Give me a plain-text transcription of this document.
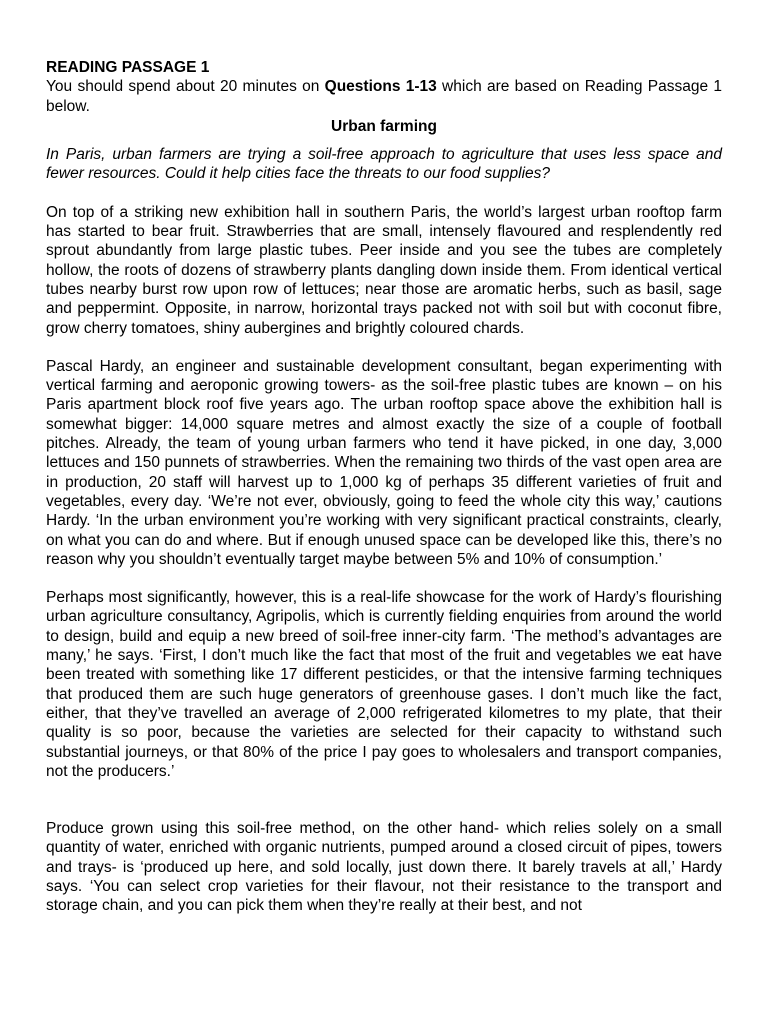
READING PASSAGE 1

You should spend about 20 minutes on Questions 1-13 which are based on Reading Passage 1 below.

Urban farming

In Paris, urban farmers are trying a soil-free approach to agriculture that uses less space and fewer resources. Could it help cities face the threats to our food supplies?

On top of a striking new exhibition hall in southern Paris, the world’s largest urban rooftop farm has started to bear fruit. Strawberries that are small, intensely flavoured and resplendently red sprout abundantly from large plastic tubes. Peer inside and you see the tubes are completely hollow, the roots of dozens of strawberry plants dangling down inside them. From identical vertical tubes nearby burst row upon row of lettuces; near those are aromatic herbs, such as basil, sage and peppermint. Opposite, in narrow, horizontal trays packed not with soil but with coconut fibre, grow cherry tomatoes, shiny aubergines and brightly coloured chards.

Pascal Hardy, an engineer and sustainable development consultant, began experimenting with vertical farming and aeroponic growing towers- as the soil-free plastic tubes are known – on his Paris apartment block roof five years ago. The urban rooftop space above the exhibition hall is somewhat bigger: 14,000 square metres and almost exactly the size of a couple of football pitches. Already, the team of young urban farmers who tend it have picked, in one day, 3,000 lettuces and 150 punnets of strawberries. When the remaining two thirds of the vast open area are in production, 20 staff will harvest up to 1,000 kg of perhaps 35 different varieties of fruit and vegetables, every day. ‘We’re not ever, obviously, going to feed the whole city this way,’ cautions Hardy. ‘In the urban environment you’re working with very significant practical constraints, clearly, on what you can do and where. But if enough unused space can be developed like this, there’s no reason why you shouldn’t eventually target maybe between 5% and 10% of consumption.’

Perhaps most significantly, however, this is a real-life showcase for the work of Hardy’s flourishing urban agriculture consultancy, Agripolis, which is currently fielding enquiries from around the world to design, build and equip a new breed of soil-free inner-city farm. ‘The method’s advantages are many,’ he says. ‘First, I don’t much like the fact that most of the fruit and vegetables we eat have been treated with something like 17 different pesticides, or that the intensive farming techniques that produced them are such huge generators of greenhouse gases. I don’t much like the fact, either, that they’ve travelled an average of 2,000 refrigerated kilometres to my plate, that their quality is so poor, because the varieties are selected for their capacity to withstand such substantial journeys, or that 80% of the price I pay goes to wholesalers and transport companies, not the producers.’

Produce grown using this soil-free method, on the other hand- which relies solely on a small quantity of water, enriched with organic nutrients, pumped around a closed circuit of pipes, towers and trays- is ‘produced up here, and sold locally, just down there. It barely travels at all,’ Hardy says. ‘You can select crop varieties for their flavour, not their resistance to the transport and storage chain, and you can pick them when they’re really at their best, and not
